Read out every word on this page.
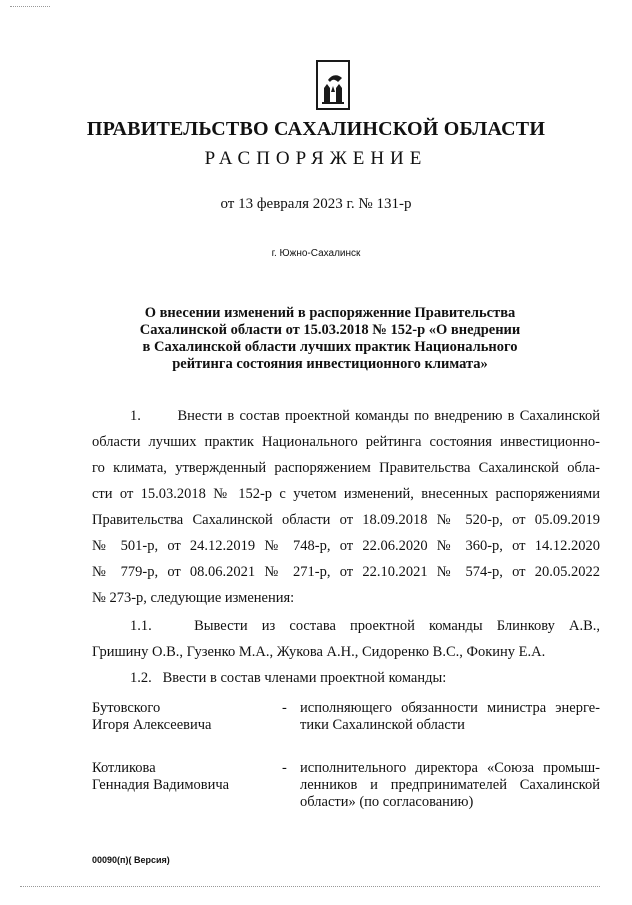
ПРАВИТЕЛЬСТВО САХАЛИНСКОЙ ОБЛАСТИ
РАСПОРЯЖЕНИЕ
от 13 февраля 2023 г. № 131-р
г. Южно-Сахалинск
О внесении изменений в распоряженние Правительства
Сахалинской области от 15.03.2018 № 152-р «О внедрении
в Сахалинской области лучших практик Национального
рейтинга состояния инвестиционного климата»
1.       Внести в состав проектной команды по внедрению в Сахалинской
области лучших практик Национального рейтинга состояния инвестиционно-
го климата, утвержденный распоряжением Правительства Сахалинской обла-
сти от 15.03.2018 № 152-р с учетом изменений, внесенных распоряжениями
Правительства Сахалинской области от 18.09.2018 № 520-р, от 05.09.2019
№ 501-р, от 24.12.2019 № 748-р, от 22.06.2020 № 360-р, от 14.12.2020
№ 779-р, от 08.06.2021 № 271-р, от 22.10.2021 № 574-р, от 20.05.2022
№ 273-р, следующие изменения:
1.1.   Вывести из состава проектной команды Блинкову А.В.,
Гришину О.В., Гузенко М.А., Жукова А.Н., Сидоренко В.С., Фокину Е.А.
1.2.   Ввести в состав членами проектной команды:
Бутовского
Игоря Алексеевича
- исполняющего обязанности министра энерге-
тики Сахалинской области
Котликова
Геннадия Вадимовича
- исполнительного директора «Союза промыш-
ленников и предпринимателей Сахалинской
области» (по согласованию)
00090(п)( Версия)
